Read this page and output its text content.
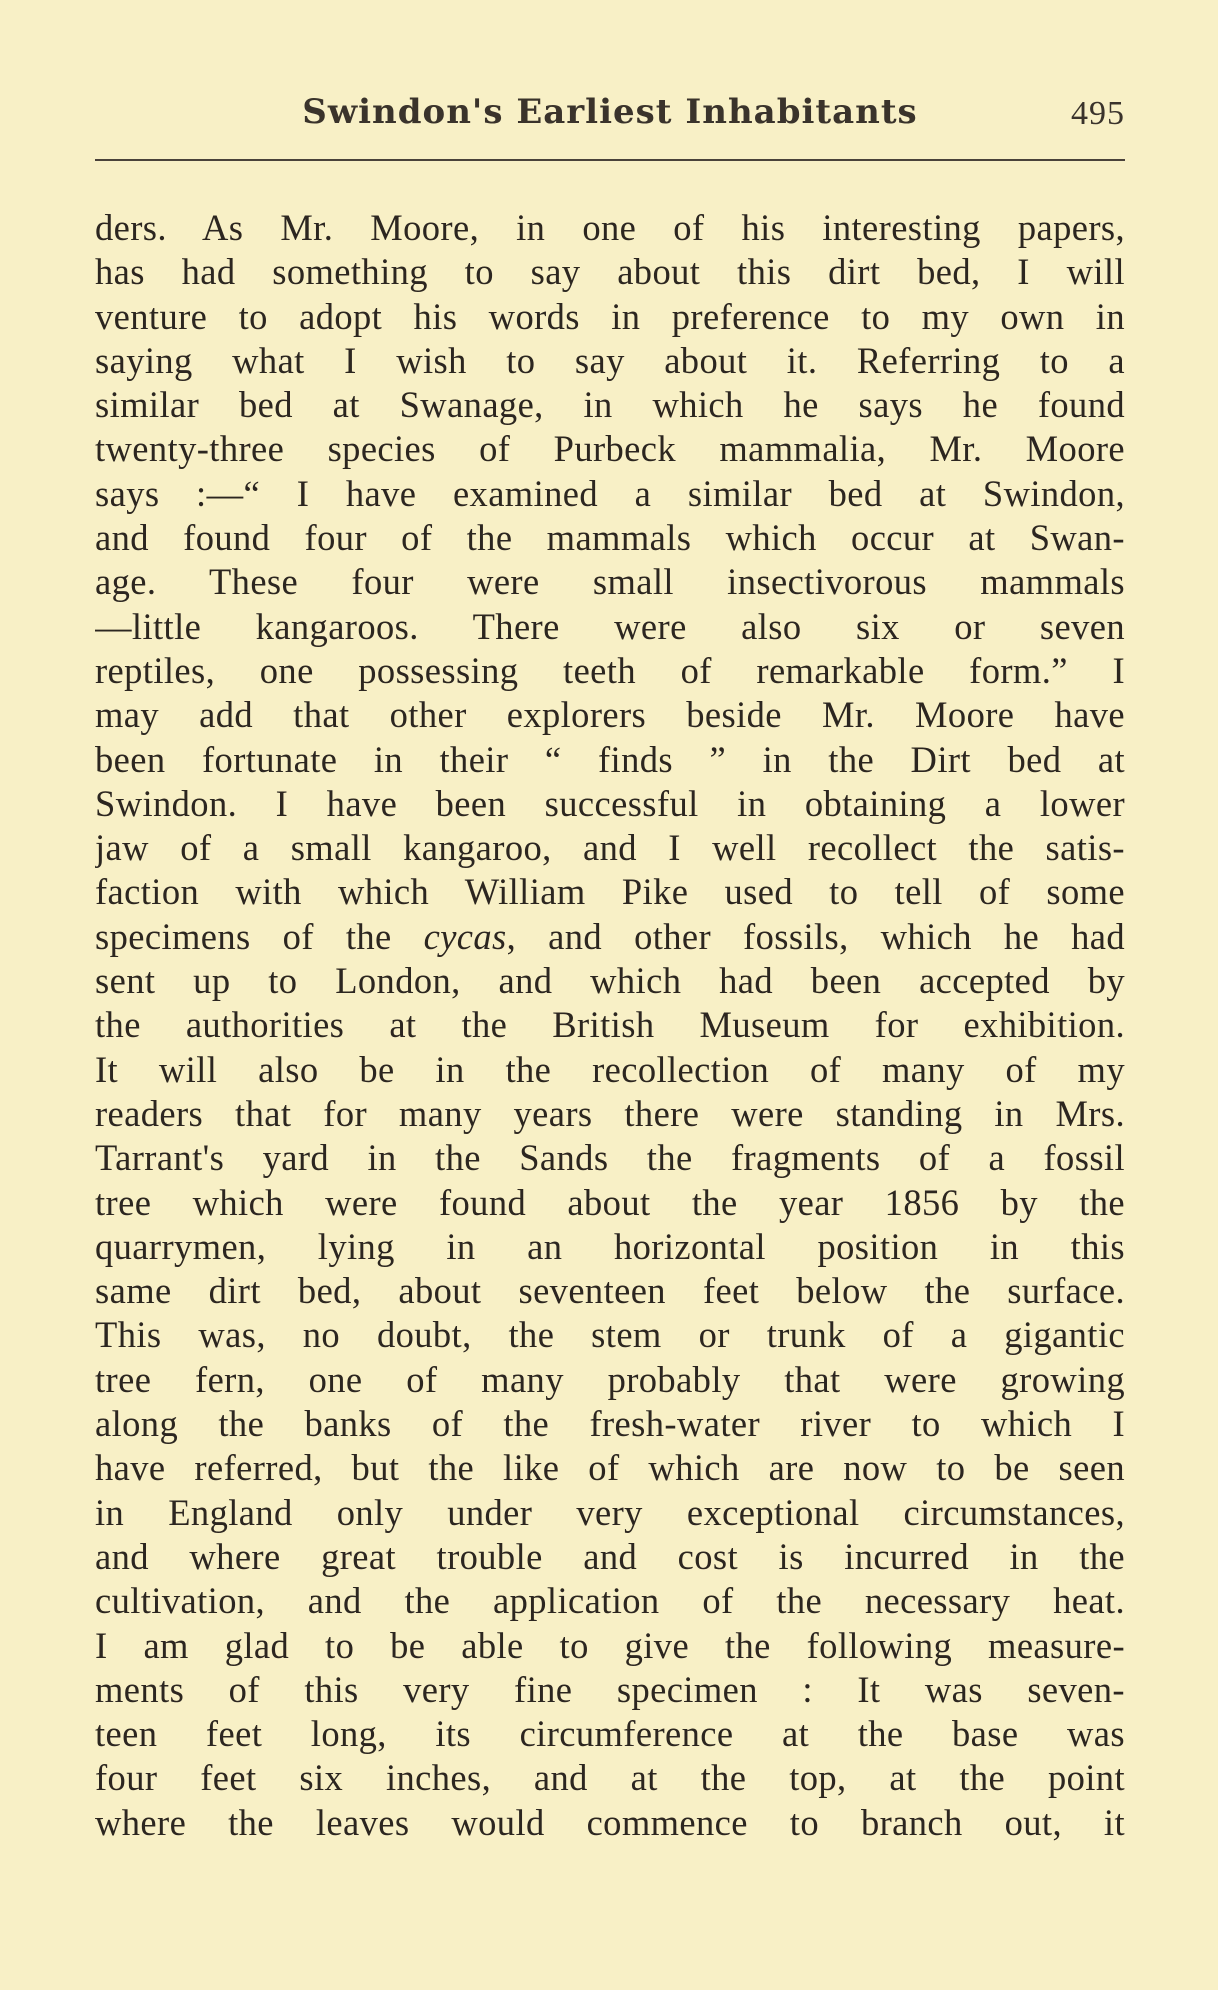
Swindon's Earliest Inhabitants	495
ders. As Mr. Moore, in one of his interesting papers,
has had something to say about this dirt bed, I will
venture to adopt his words in preference to my own in
saying what I wish to say about it. Referring to a
similar bed at Swanage, in which he says he found
twenty-three species of Purbeck mammalia, Mr. Moore
says :—“ I have examined a similar bed at Swindon,
and found four of the mammals which occur at Swan-
age. These four were small insectivorous mammals
—little kangaroos. There were also six or seven
reptiles, one possessing teeth of remarkable form.” I
may add that other explorers beside Mr. Moore have
been fortunate in their “ finds ” in the Dirt bed at
Swindon. I have been successful in obtaining a lower
jaw of a small kangaroo, and I well recollect the satis-
faction with which William Pike used to tell of some
specimens of the cycas, and other fossils, which he had
sent up to London, and which had been accepted by
the authorities at the British Museum for exhibition.
It will also be in the recollection of many of my
readers that for many years there were standing in Mrs.
Tarrant's yard in the Sands the fragments of a fossil
tree which were found about the year 1856 by the
quarrymen, lying in an horizontal position in this
same dirt bed, about seventeen feet below the surface.
This was, no doubt, the stem or trunk of a gigantic
tree fern, one of many probably that were growing
along the banks of the fresh-water river to which I
have referred, but the like of which are now to be seen
in England only under very exceptional circumstances,
and where great trouble and cost is incurred in the
cultivation, and the application of the necessary heat.
I am glad to be able to give the following measure-
ments of this very fine specimen : It was seven-
teen feet long, its circumference at the base was
four feet six inches, and at the top, at the point
where the leaves would commence to branch out, it
